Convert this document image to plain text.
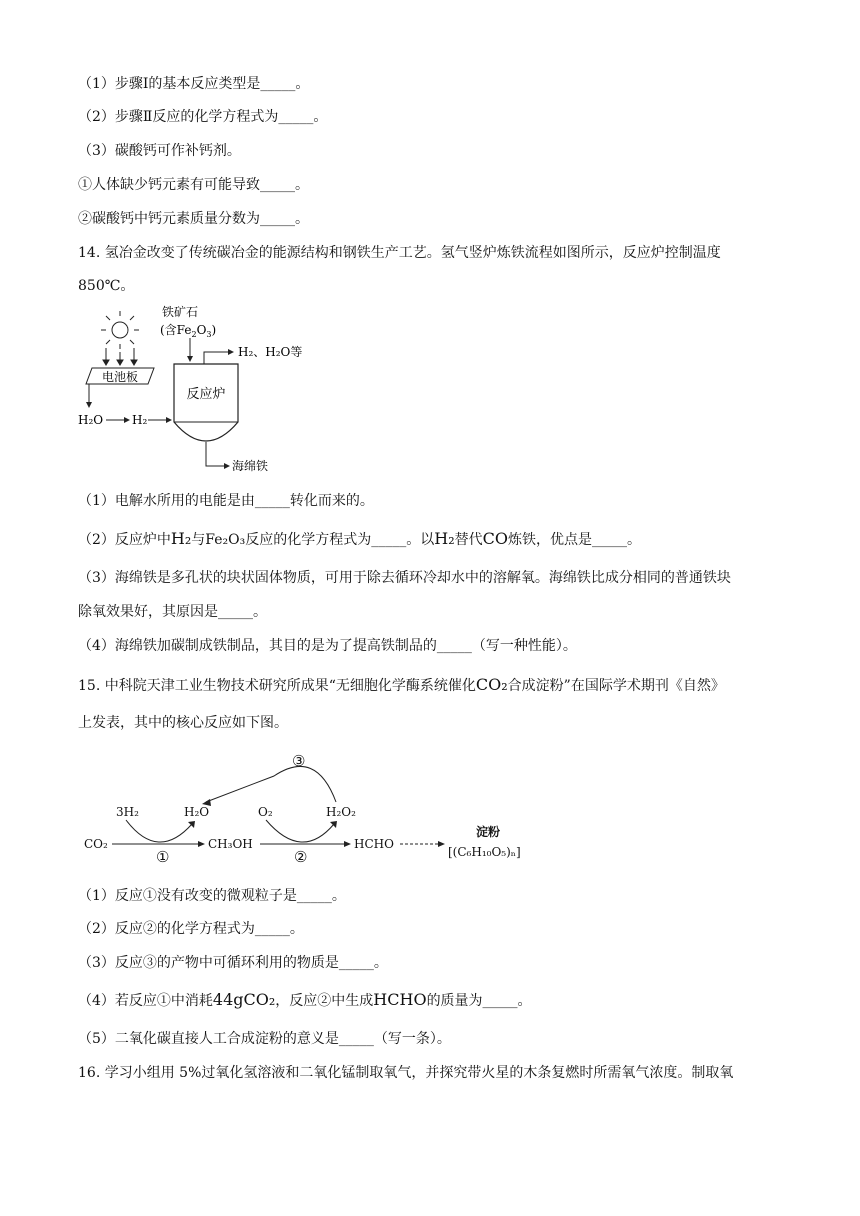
（1）步骤Ⅰ的基本反应类型是_____。
（2）步骤Ⅱ反应的化学方程式为_____。
（3）碳酸钙可作补钙剂。
①人体缺少钙元素有可能导致_____。
②碳酸钙中钙元素质量分数为_____。
14. 氢冶金改变了传统碳冶金的能源结构和钢铁生产工艺。氢气竖炉炼铁流程如图所示，反应炉控制温度
850℃。
电池板
H₂O H₂
铁矿石
(含$Fe_2O_3$)
H₂、H₂O等
反应炉
海绵铁
（1）电解水所用的电能是由_____转化而来的。
（2）反应炉中H₂与Fe₂O₃反应的化学方程式为_____。以H₂替代CO炼铁，优点是_____。
（3）海绵铁是多孔状的块状固体物质，可用于除去循环冷却水中的溶解氧。海绵铁比成分相同的普通铁块
除氧效果好，其原因是_____。
（4）海绵铁加碳制成铁制品，其目的是为了提高铁制品的_____（写一种性能）。
15. 中科院天津工业生物技术研究所成果“无细胞化学酶系统催化CO₂合成淀粉”在国际学术期刊《自然》
上发表，其中的核心反应如下图。
3H₂
CO₂
H₂O
①
CH₃OH
O₂
②
H₂O₂
③
HCHO
淀粉
[(C₆H₁₀O₅)ₙ]
（1）反应①没有改变的微观粒子是_____。
（2）反应②的化学方程式为_____。
（3）反应③的产物中可循环利用的物质是_____。
（4）若反应①中消耗44gCO₂，反应②中生成HCHO的质量为_____。
（5）二氧化碳直接人工合成淀粉的意义是_____（写一条）。
16. 学习小组用 5%过氧化氢溶液和二氧化锰制取氧气，并探究带火星的木条复燃时所需氧气浓度。制取氧
